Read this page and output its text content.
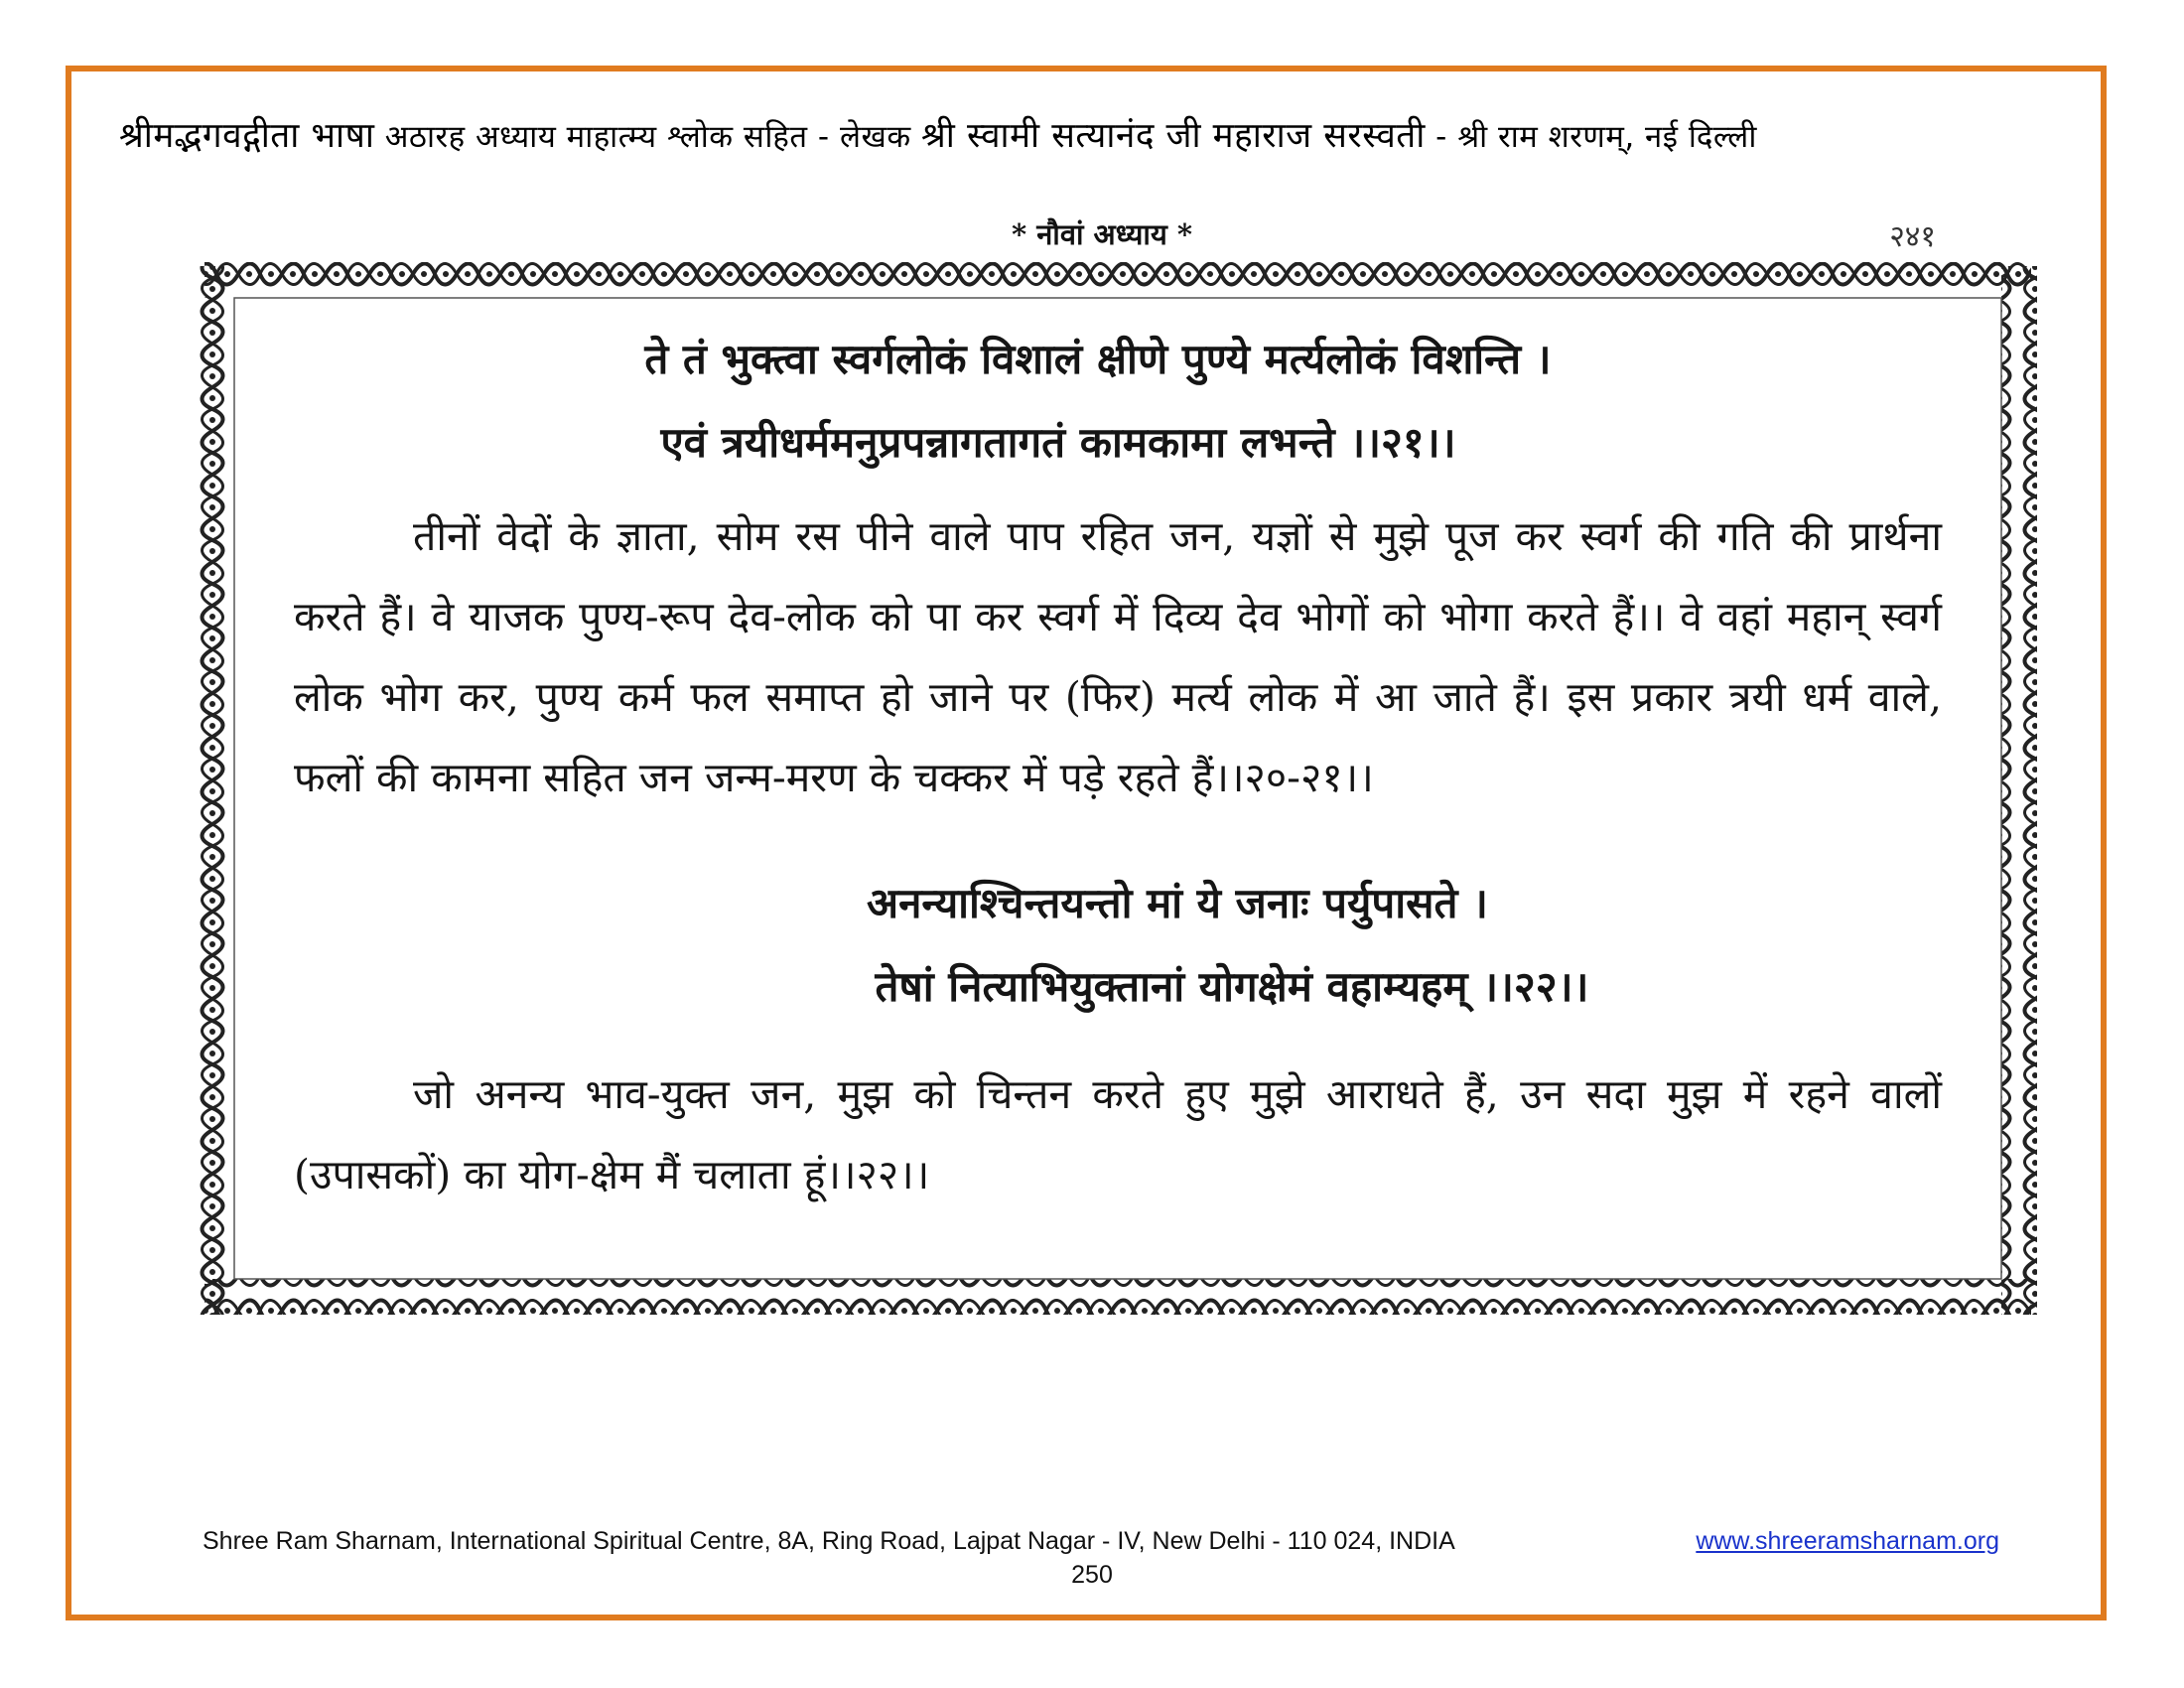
श्रीमद्भगवद्गीता भाषा अठारह अध्याय माहात्म्य श्लोक सहित - लेखक श्री स्वामी सत्यानंद जी महाराज सरस्वती - श्री राम शरणम्, नई दिल्ली
* नौवां अध्याय *	२४१
ते तं भुक्त्वा स्वर्गलोकं विशालं क्षीणे पुण्ये मर्त्यलोकं विशन्ति ।
एवं त्रयीधर्ममनुप्रपन्नागतागतं कामकामा लभन्ते ।।२१।।
तीनों वेदों के ज्ञाता, सोम रस पीने वाले पाप रहित जन, यज्ञों से मुझे पूज कर स्वर्ग की गति की प्रार्थना करते हैं। वे याजक पुण्य-रूप देव-लोक को पा कर स्वर्ग में दिव्य देव भोगों को भोगा करते हैं।। वे वहां महान् स्वर्ग लोक भोग कर, पुण्य कर्म फल समाप्त हो जाने पर (फिर) मर्त्य लोक में आ जाते हैं। इस प्रकार त्रयी धर्म वाले, फलों की कामना सहित जन जन्म-मरण के चक्कर में पड़े रहते हैं।।२०-२१।।
अनन्याश्चिन्तयन्तो मां ये जनाः पर्युपासते ।
तेषां नित्याभियुक्तानां योगक्षेमं वहाम्यहम् ।।२२।।
जो अनन्य भाव-युक्त जन, मुझ को चिन्तन करते हुए मुझे आराधते हैं, उन सदा मुझ में रहने वालों (उपासकों) का योग-क्षेम मैं चलाता हूं।।२२।।
Shree Ram Sharnam, International Spiritual Centre, 8A, Ring Road, Lajpat Nagar - IV, New Delhi - 110 024, INDIA	www.shreeramsharnam.org
250
